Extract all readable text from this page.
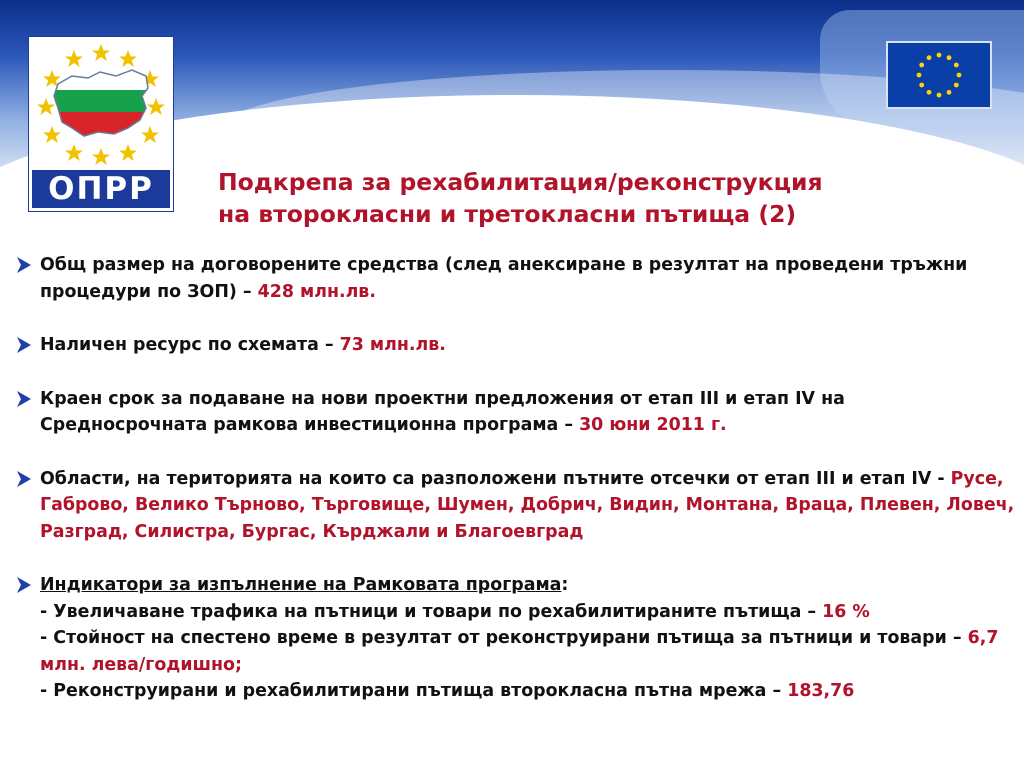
ОПРР	Подкрепа за рехабилитация/реконструкция
на второкласни и третокласни пътища (2)
Общ размер на договорените средства (след анексиране в резултат на проведени тръжни процедури по ЗОП) – 428 млн.лв.
Наличен ресурс по схемата – 73 млн.лв.
Краен срок за подаване на нови проектни предложения от етап III и етап IV на Средносрочната рамкова инвестиционна програма – 30 юни 2011 г.
Области, на територията на които са разположени пътните отсечки от етап III и етап IV - Русе, Габрово, Велико Търново, Търговище, Шумен, Добрич, Видин, Монтана, Враца, Плевен, Ловеч, Разград, Силистра, Бургас, Кърджали и Благоевград
Индикатори за изпълнение на Рамковата програма:
- Увеличаване трафика на пътници и товари по рехабилитираните пътища – 16 %
- Стойност на спестено време в резултат от реконструирани пътища за пътници и товари – 6,7 млн. лева/годишно;
- Реконструирани и рехабилитирани пътища второкласна пътна мрежа – 183,76
